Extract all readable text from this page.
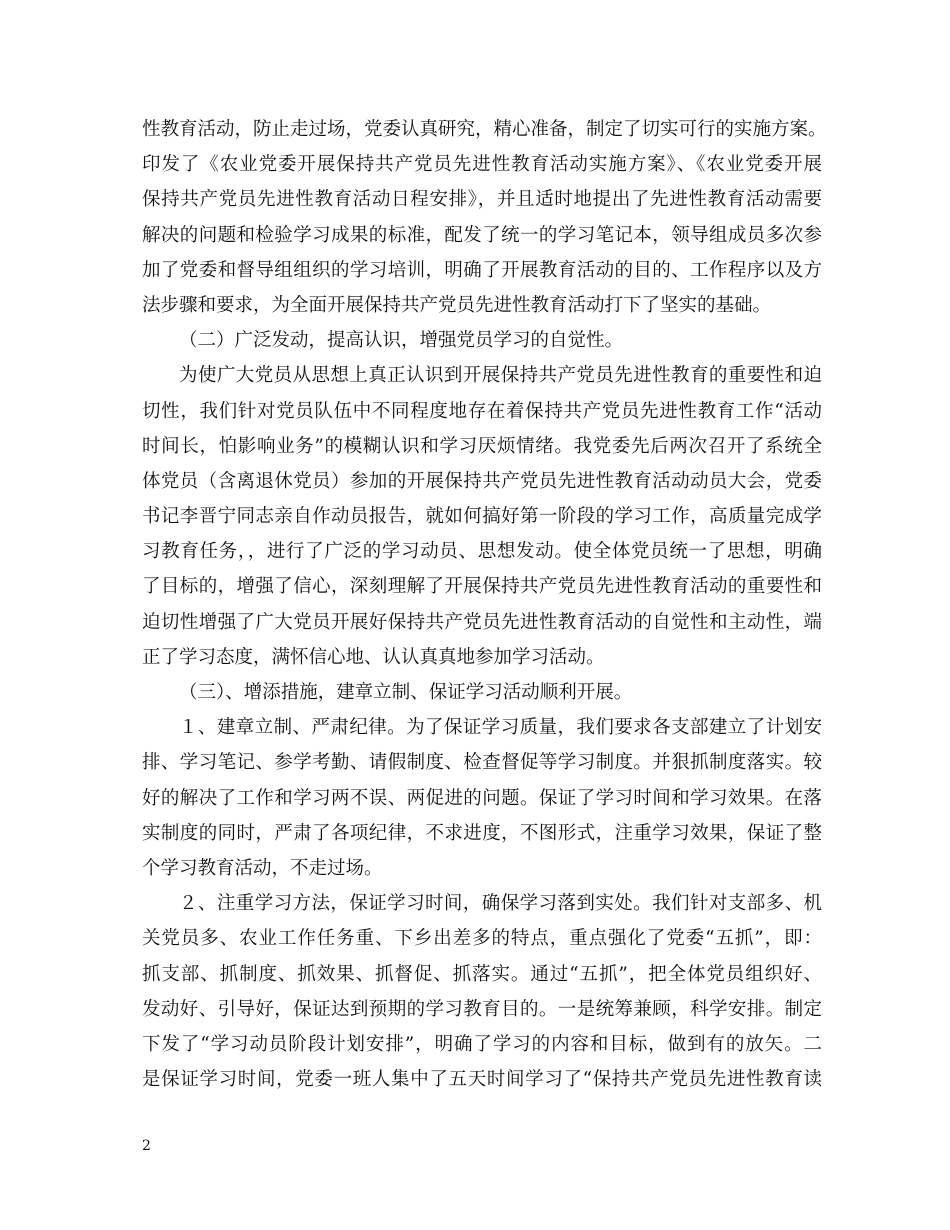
性教育活动，防止走过场，党委认真研究，精心准备，制定了切实可行的实施方案。
印发了《农业党委开展保持共产党员先进性教育活动实施方案》、《农业党委开展
保持共产党员先进性教育活动日程安排》，并且适时地提出了先进性教育活动需要
解决的问题和检验学习成果的标准，配发了统一的学习笔记本，领导组成员多次参
加了党委和督导组组织的学习培训，明确了开展教育活动的目的、工作程序以及方
法步骤和要求，为全面开展保持共产党员先进性教育活动打下了坚实的基础。
（二）广泛发动，提高认识，增强党员学习的自觉性。
为使广大党员从思想上真正认识到开展保持共产党员先进性教育的重要性和迫
切性，我们针对党员队伍中不同程度地存在着保持共产党员先进性教育工作“活动
时间长，怕影响业务”的模糊认识和学习厌烦情绪。我党委先后两次召开了系统全
体党员（含离退休党员）参加的开展保持共产党员先进性教育活动动员大会，党委
书记李晋宁同志亲自作动员报告，就如何搞好第一阶段的学习工作，高质量完成学
习教育任务，，进行了广泛的学习动员、思想发动。使全体党员统一了思想，明确
了目标的，增强了信心，深刻理解了开展保持共产党员先进性教育活动的重要性和
迫切性增强了广大党员开展好保持共产党员先进性教育活动的自觉性和主动性，端
正了学习态度，满怀信心地、认认真真地参加学习活动。
（三）、增添措施，建章立制、保证学习活动顺利开展。
１、建章立制、严肃纪律。为了保证学习质量，我们要求各支部建立了计划安
排、学习笔记、参学考勤、请假制度、检查督促等学习制度。并狠抓制度落实。较
好的解决了工作和学习两不误、两促进的问题。保证了学习时间和学习效果。在落
实制度的同时，严肃了各项纪律，不求进度，不图形式，注重学习效果，保证了整
个学习教育活动，不走过场。
２、注重学习方法，保证学习时间，确保学习落到实处。我们针对支部多、机
关党员多、农业工作任务重、下乡出差多的特点，重点强化了党委“五抓”，即：
抓支部、抓制度、抓效果、抓督促、抓落实。通过“五抓”，把全体党员组织好、
发动好、引导好，保证达到预期的学习教育目的。一是统筹兼顾，科学安排。制定
下发了“学习动员阶段计划安排”，明确了学习的内容和目标，做到有的放矢。二
是保证学习时间，党委一班人集中了五天时间学习了“保持共产党员先进性教育读
2
